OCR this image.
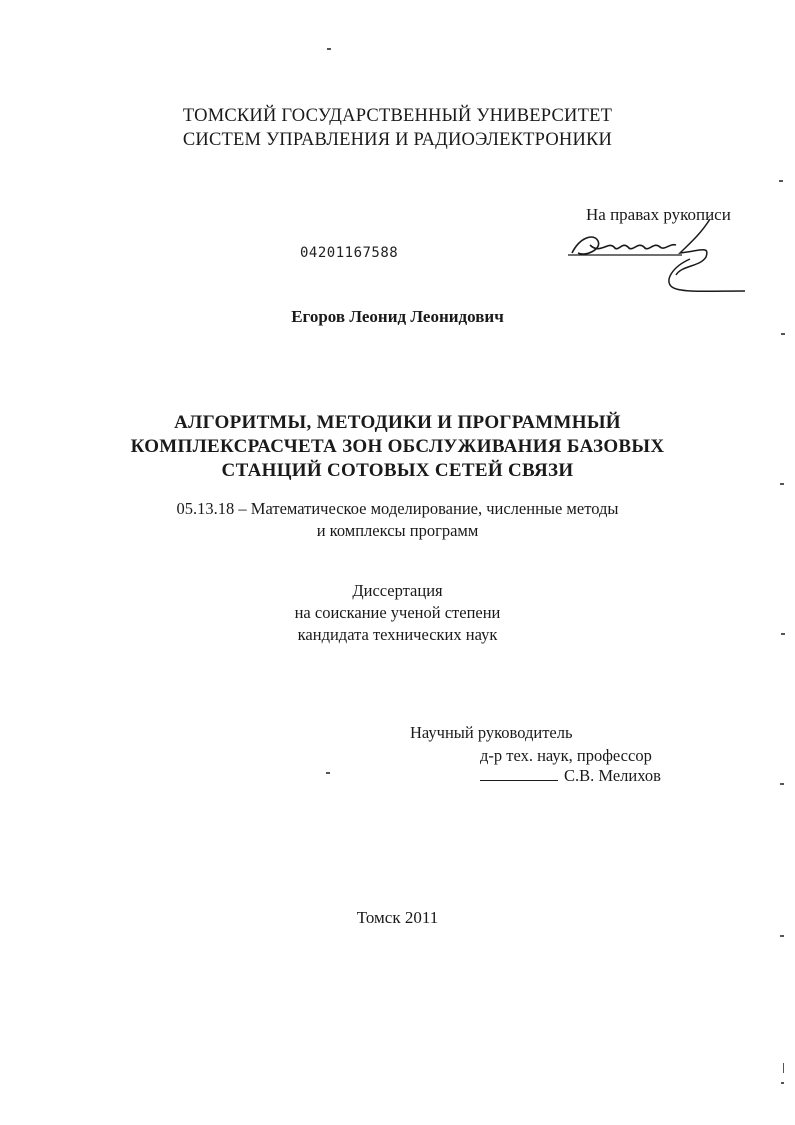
ТОМСКИЙ ГОСУДАРСТВЕННЫЙ УНИВЕРСИТЕТ
СИСТЕМ УПРАВЛЕНИЯ И РАДИОЭЛЕКТРОНИКИ
На правах рукописи
04201167588
Егоров Леонид Леонидович
АЛГОРИТМЫ, МЕТОДИКИ И ПРОГРАММНЫЙ
КОМПЛЕКСРАСЧЕТА ЗОН ОБСЛУЖИВАНИЯ БАЗОВЫХ
СТАНЦИЙ СОТОВЫХ СЕТЕЙ СВЯЗИ
05.13.18 – Математическое моделирование, численные методы
и комплексы программ
Диссертация
на соискание ученой степени
кандидата технических наук
Научный руководитель
д-р тех. наук, профессор
С.В. Мелихов
Томск 2011
